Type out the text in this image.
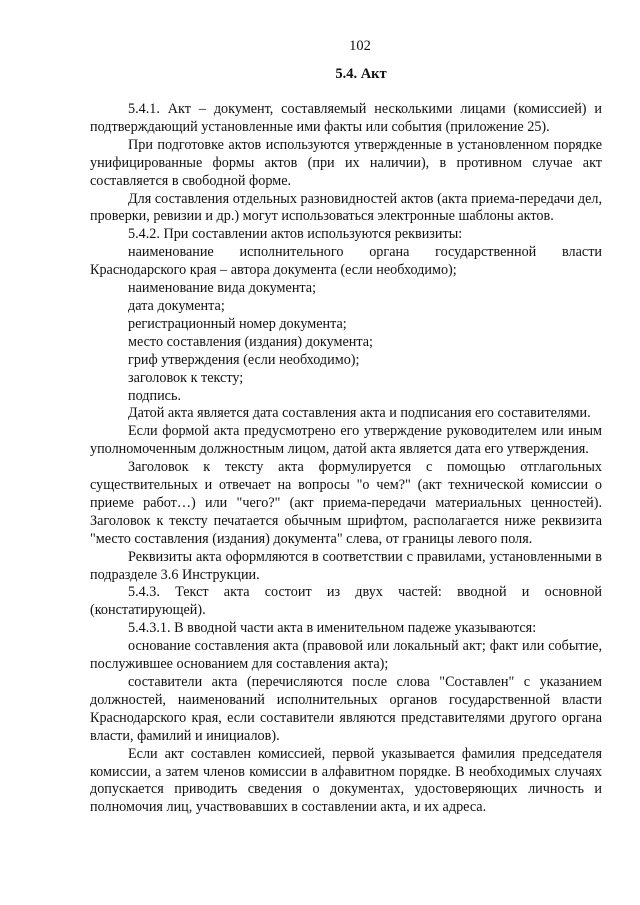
102
5.4. Акт

5.4.1. Акт – документ, составляемый несколькими лицами (комиссией) и подтверждающий установленные ими факты или события (приложение 25).

При подготовке актов используются утвержденные в установленном порядке унифицированные формы актов (при их наличии), в противном случае акт составляется в свободной форме.

Для составления отдельных разновидностей актов (акта приема-передачи дел, проверки, ревизии и др.) могут использоваться электронные шаблоны актов.

5.4.2. При составлении актов используются реквизиты:

наименование исполнительного органа государственной власти

Краснодарского края – автора документа (если необходимо);

наименование вида документа;

дата документа;

регистрационный номер документа;

место составления (издания) документа;

гриф утверждения (если необходимо);

заголовок к тексту;

подпись.

Датой акта является дата составления акта и подписания его составителями.

Если формой акта предусмотрено его утверждение руководителем или иным уполномоченным должностным лицом, датой акта является дата его утверждения.

Заголовок к тексту акта формулируется с помощью отглагольных существительных и отвечает на вопросы "о чем?" (акт технической комиссии о приеме работ…) или "чего?" (акт приема-передачи материальных ценностей). Заголовок к тексту печатается обычным шрифтом, располагается ниже реквизита "место составления (издания) документа" слева, от границы левого поля.

Реквизиты акта оформляются в соответствии с правилами, установленными в подразделе 3.6 Инструкции.

5.4.3. Текст акта состоит из двух частей: вводной и основной (констатирующей).

5.4.3.1. В вводной части акта в именительном падеже указываются:

основание составления акта (правовой или локальный акт; факт или событие, послужившее основанием для составления акта);

составители акта (перечисляются после слова "Составлен" с указанием должностей, наименований исполнительных органов государственной власти Краснодарского края, если составители являются представителями другого органа власти, фамилий и инициалов).

Если акт составлен комиссией, первой указывается фамилия председателя комиссии, а затем членов комиссии в алфавитном порядке. В необходимых случаях допускается приводить сведения о документах, удостоверяющих личность и полномочия лиц, участвовавших в составлении акта, и их адреса.
